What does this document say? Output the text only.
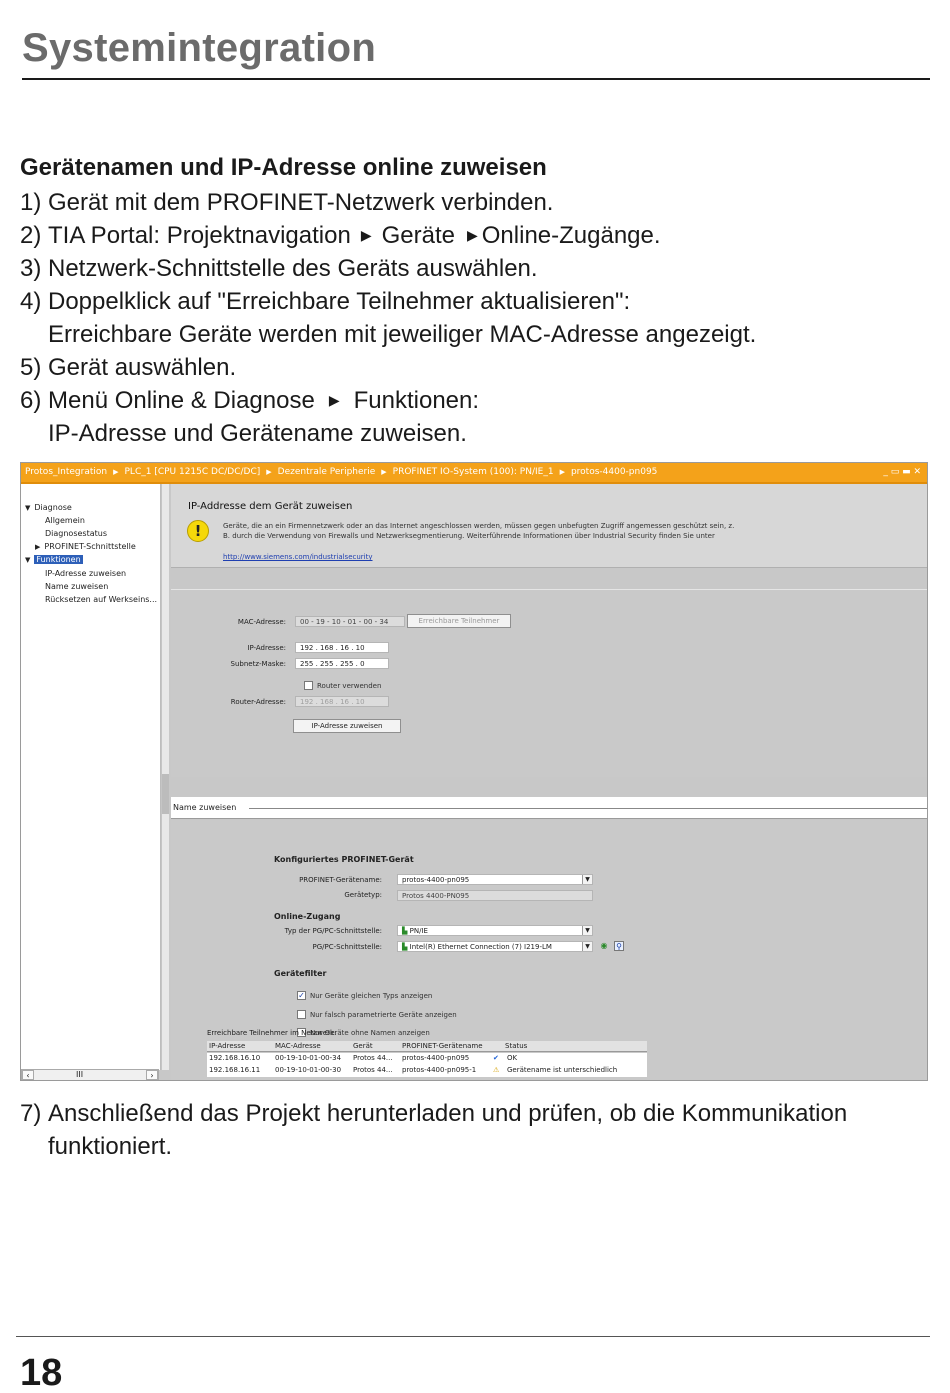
Systemintegration
Gerätenamen und IP-Adresse online zuweisen
1) Gerät mit dem PROFINET-Netzwerk verbinden.
2) TIA Portal: Projektnavigation ▶ Geräte ▶ Online-Zugänge.
3) Netzwerk-Schnittstelle des Geräts auswählen.
4) Doppelklick auf "Erreichbare Teilnehmer aktualisieren":
Erreichbare Geräte werden mit jeweiliger MAC-Adresse angezeigt.
5) Gerät auswählen.
6) Menü Online & Diagnose ▶ Funktionen:
IP-Adresse und Gerätename zuweisen.
Protos_Integration ▶ PLC_1 [CPU 1215C DC/DC/DC] ▶ Dezentrale Peripherie ▶ PROFINET IO-System (100): PN/IE_1 ▶ protos-4400-pn095	_ ▭ ▬ ✕
▼ Diagnose
Allgemein
Diagnosestatus
▶ PROFINET-Schnittstelle
▼ Funktionen
IP-Adresse zuweisen
Name zuweisen
Rücksetzen auf Werkseins...
‹	III	›
IP-Addresse dem Gerät zuweisen
!	Geräte, die an ein Firmennetzwerk oder an das Internet angeschlossen werden, müssen gegen unbefugten Zugriff angemessen geschützt sein, z. B. durch die Verwendung von Firewalls und Netzwerksegmentierung. Weiterführende Informationen über Industrial Security finden Sie unter
http://www.siemens.com/industrialsecurity
MAC-Adresse:	00 - 19 - 10 - 01 - 00 - 34	Erreichbare Teilnehmer
IP-Adresse:	192 . 168 . 16 . 10
Subnetz-Maske:	255 . 255 . 255 . 0
Router verwenden
Router-Adresse:	192 . 168 . 16 . 10
IP-Adresse zuweisen
Name zuweisen
Konfiguriertes PROFINET-Gerät
PROFINET-Gerätename:	protos-4400-pn095	▼
Gerätetyp:	Protos 4400-PN095
Online-Zugang
Typ der PG/PC-Schnittstelle:	▙ PN/IE	▼
PG/PC-Schnittstelle:	▙ Intel(R) Ethernet Connection (7) I219-LM	▼ ◉ ⚲
Gerätefilter
✓ Nur Geräte gleichen Typs anzeigen
Nur falsch parametrierte Geräte anzeigen
Nur Geräte ohne Namen anzeigen
Erreichbare Teilnehmer im Netzwerk:
IP-Adresse	MAC-Adresse	Gerät	PROFINET-Gerätename	Status
192.168.16.10 00-19-10-01-00-34 Protos 44... protos-4400-pn095	✔ OK
192.168.16.11 00-19-10-01-00-30 Protos 44... protos-4400-pn095-1 ⚠ Gerätename ist unterschiedlich
7) Anschließend das Projekt herunterladen und prüfen, ob die Kommunikation
funktioniert.
18
